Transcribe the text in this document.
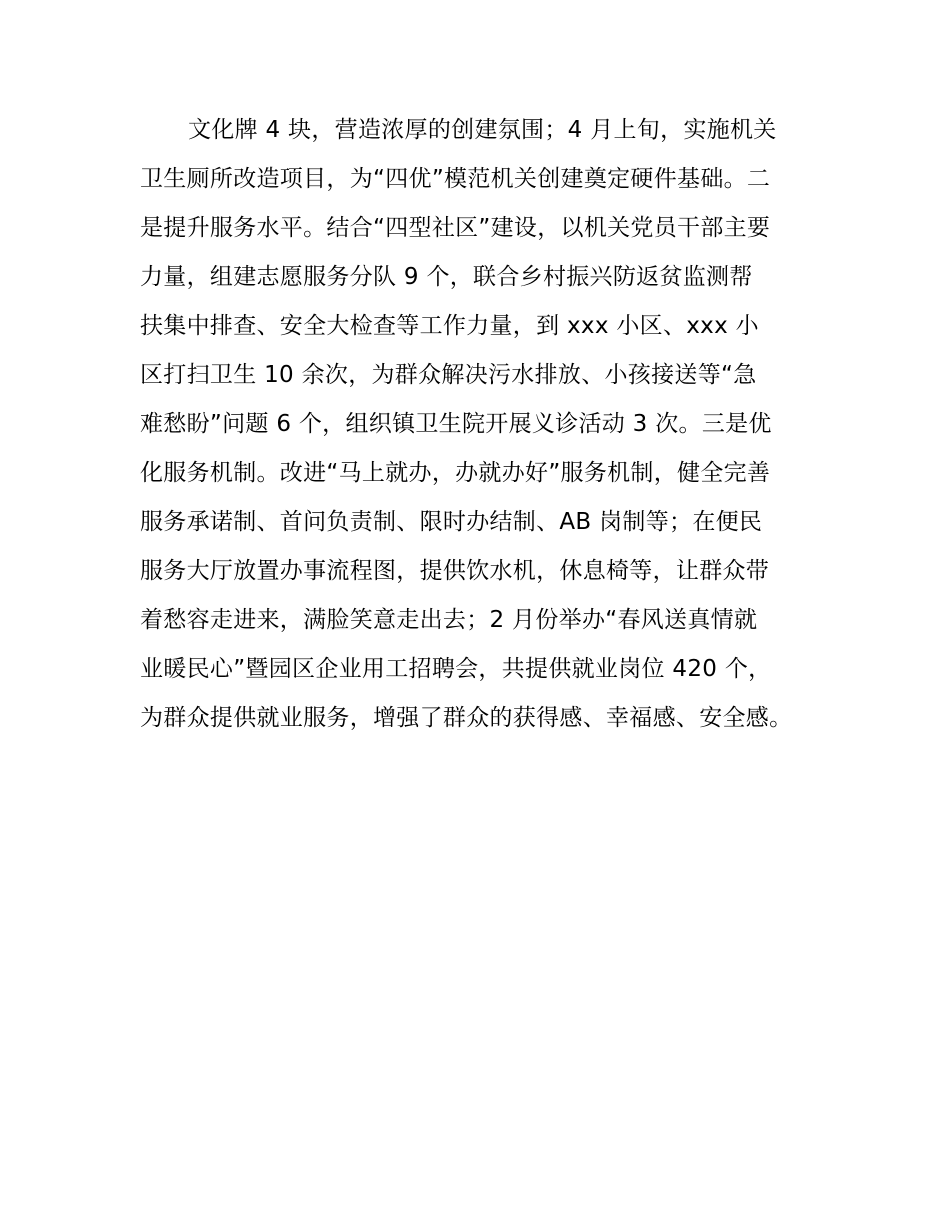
文化牌 4 块，营造浓厚的创建氛围；4 月上旬，实施机关
卫生厕所改造项目，为“四优”模范机关创建奠定硬件基础。二
是提升服务水平。结合“四型社区”建设，以机关党员干部主要
力量，组建志愿服务分队 9 个，联合乡村振兴防返贫监测帮
扶集中排查、安全大检查等工作力量，到 xxx 小区、xxx 小
区打扫卫生 10 余次，为群众解决污水排放、小孩接送等“急
难愁盼”问题 6 个，组织镇卫生院开展义诊活动 3 次。三是优
化服务机制。改进“马上就办，办就办好”服务机制，健全完善
服务承诺制、首问负责制、限时办结制、AB 岗制等；在便民
服务大厅放置办事流程图，提供饮水机，休息椅等，让群众带
着愁容走进来，满脸笑意走出去；2 月份举办“春风送真情就
业暖民心”暨园区企业用工招聘会，共提供就业岗位 420 个，
为群众提供就业服务，增强了群众的获得感、幸福感、安全感。
